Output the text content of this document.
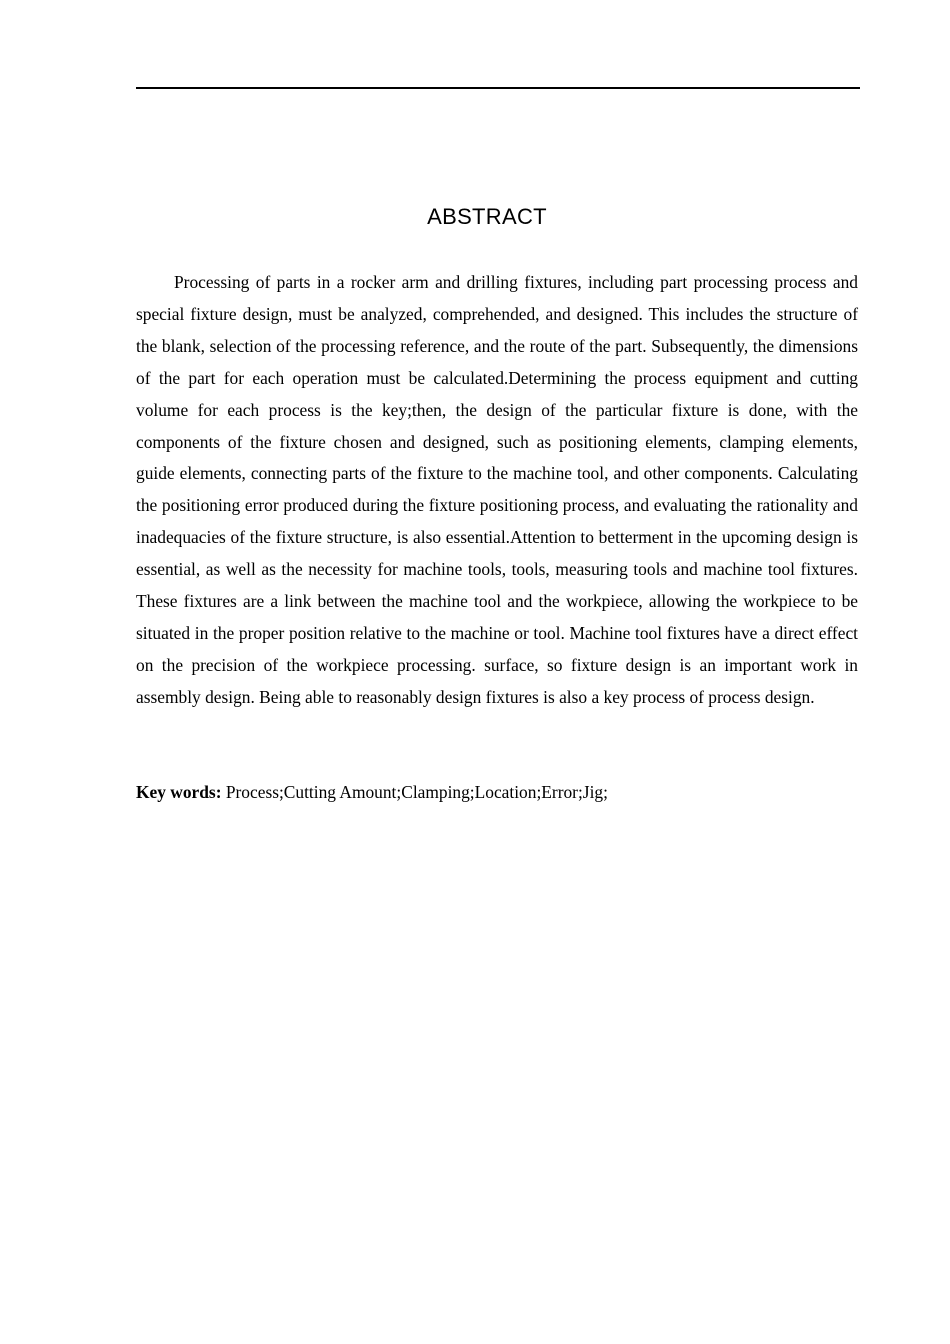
ABSTRACT

Processing of parts in a rocker arm and drilling fixtures, including part processing process and special fixture design, must be analyzed, comprehended, and designed. This includes the structure of the blank, selection of the processing reference, and the route of the part. Subsequently, the dimensions of the part for each operation must be calculated.Determining the process equipment and cutting volume for each process is the key;then, the design of the particular fixture is done, with the components of the fixture chosen and designed, such as positioning elements, clamping elements, guide elements, connecting parts of the fixture to the machine tool, and other components. Calculating the positioning error produced during the fixture positioning process, and evaluating the rationality and inadequacies of the fixture structure, is also essential.Attention to betterment in the upcoming design is essential, as well as the necessity for machine tools, tools, measuring tools and machine tool fixtures. These fixtures are a link between the machine tool and the workpiece, allowing the workpiece to be situated in the proper position relative to the machine or tool. Machine tool fixtures have a direct effect on the precision of the workpiece processing. surface, so fixture design is an important work in assembly design. Being able to reasonably design fixtures is also a key process of process design.

Key words: Process;Cutting Amount;Clamping;Location;Error;Jig;
